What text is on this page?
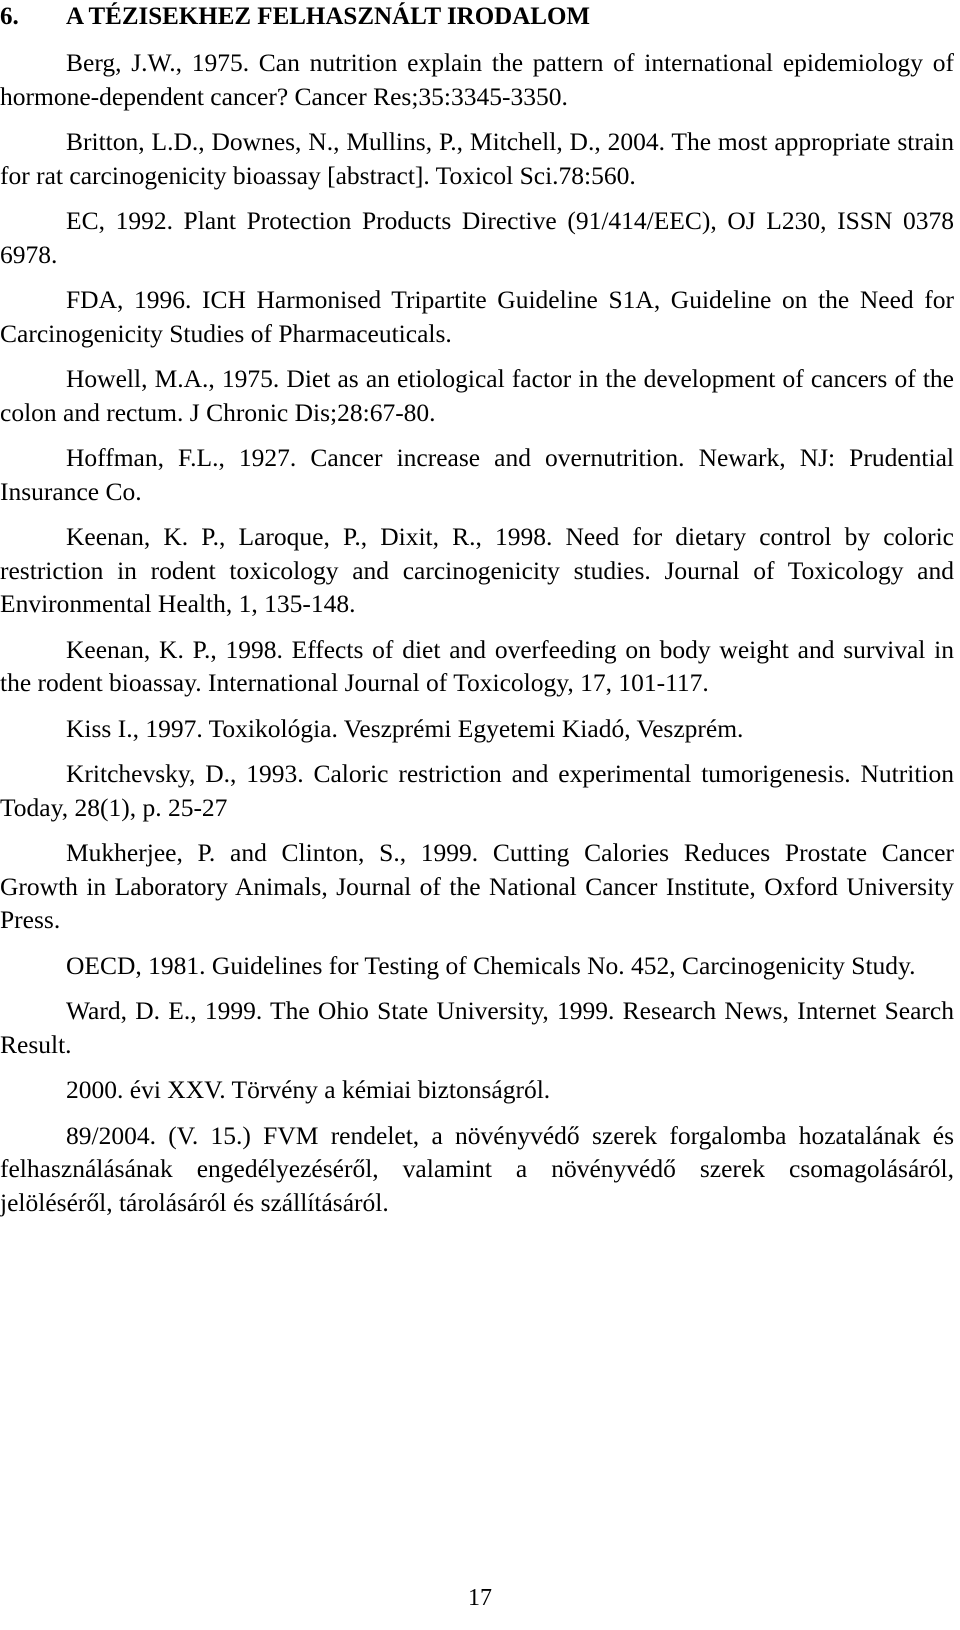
6. A TÉZISEKHEZ FELHASZNÁLT IRODALOM

Berg, J.W., 1975. Can nutrition explain the pattern of international epidemiology of hormone-dependent cancer? Cancer Res;35:3345-3350.

Britton, L.D., Downes, N., Mullins, P., Mitchell, D., 2004. The most appropriate strain for rat carcinogenicity bioassay [abstract]. Toxicol Sci.78:560.

EC, 1992. Plant Protection Products Directive (91/414/EEC), OJ L230, ISSN 0378 6978.

FDA, 1996. ICH Harmonised Tripartite Guideline S1A, Guideline on the Need for Carcinogenicity Studies of Pharmaceuticals.

Howell, M.A., 1975. Diet as an etiological factor in the development of cancers of the colon and rectum. J Chronic Dis;28:67-80.

Hoffman, F.L., 1927. Cancer increase and overnutrition. Newark, NJ: Prudential Insurance Co.

Keenan, K. P., Laroque, P., Dixit, R., 1998. Need for dietary control by coloric restriction in rodent toxicology and carcinogenicity studies. Journal of Toxicology and Environmental Health, 1, 135-148.

Keenan, K. P., 1998. Effects of diet and overfeeding on body weight and survival in the rodent bioassay. International Journal of Toxicology, 17, 101-117.

Kiss I., 1997. Toxikológia. Veszprémi Egyetemi Kiadó, Veszprém.

Kritchevsky, D., 1993. Caloric restriction and experimental tumorigenesis. Nutrition Today, 28(1), p. 25-27

Mukherjee, P. and Clinton, S., 1999. Cutting Calories Reduces Prostate Cancer Growth in Laboratory Animals, Journal of the National Cancer Institute, Oxford University Press.

OECD, 1981. Guidelines for Testing of Chemicals No. 452, Carcinogenicity Study.

Ward, D. E., 1999. The Ohio State University, 1999. Research News, Internet Search Result.

2000. évi XXV. Törvény a kémiai biztonságról.

89/2004. (V. 15.) FVM rendelet, a növényvédő szerek forgalomba hozatalának és felhasználásának engedélyezéséről, valamint a növényvédő szerek csomagolásáról, jelöléséről, tárolásáról és szállításáról.

17
